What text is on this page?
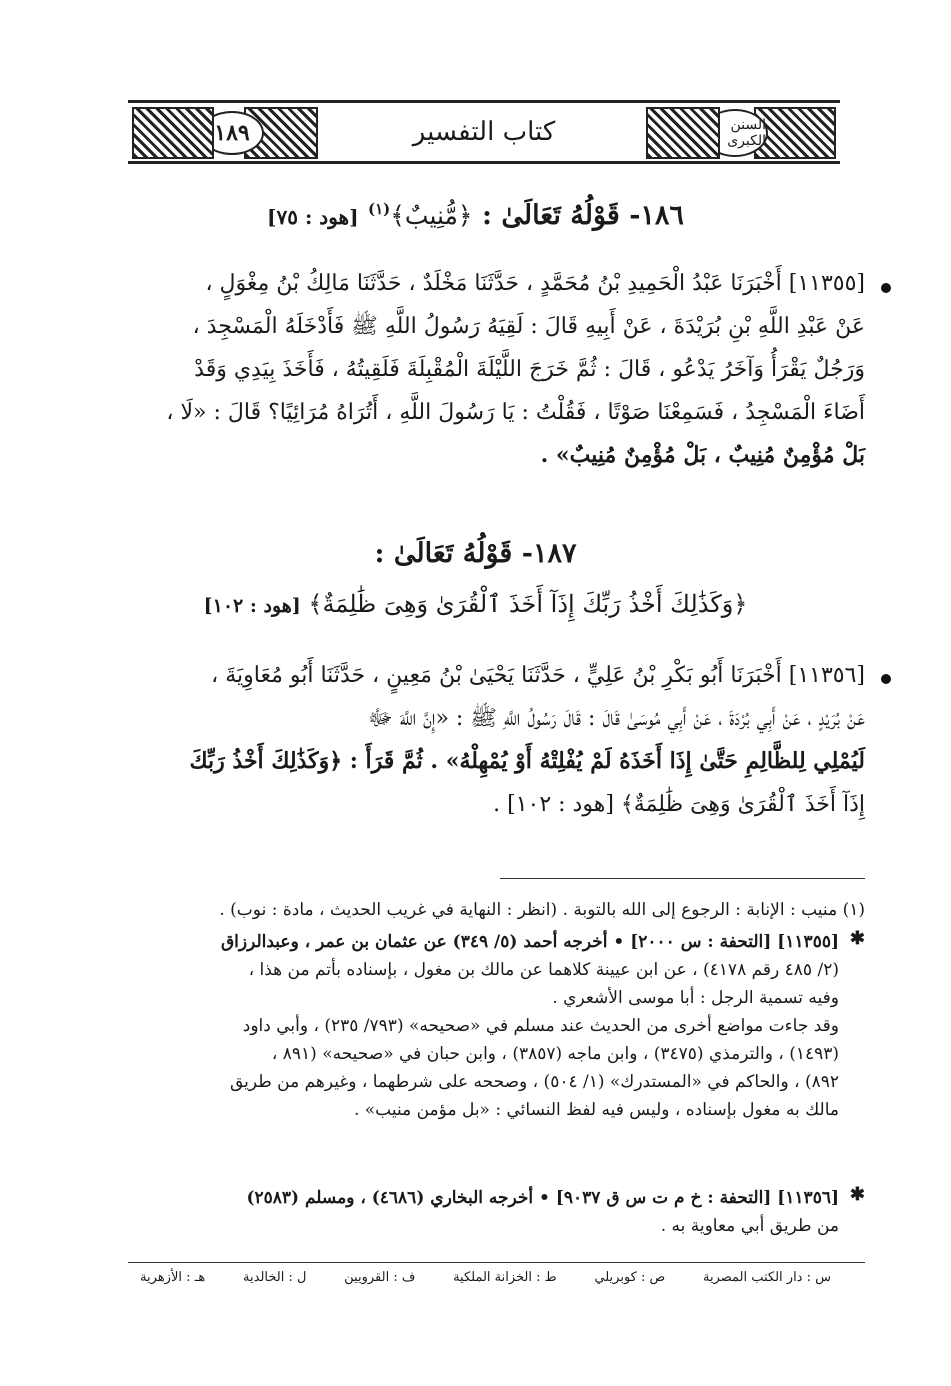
السنن الكبرى
كتاب التفسير
١٨٩
١٨٦- قَوْلُهُ تَعَالَىٰ : ﴿مُّنِيبٌ﴾$^{(١)}$ [هود : ٧٥]
[١١٣٥٥] أَخْبَرَنَا عَبْدُ الْحَمِيدِ بْنُ مُحَمَّدٍ ، حَدَّثَنَا مَخْلَدٌ ، حَدَّثَنَا مَالِكُ بْنُ مِغْوَلٍ ،
عَنْ عَبْدِ اللَّهِ بْنِ بُرَيْدَةَ ، عَنْ أَبِيهِ قَالَ : لَقِيَهُ رَسُولُ اللَّهِ ﷺ فَأَدْخَلَهُ الْمَسْجِدَ ،
وَرَجُلٌ يَقْرَأُ وَآخَرُ يَدْعُو ، قَالَ : ثُمَّ خَرَجَ اللَّيْلَةَ الْمُقْبِلَةَ فَلَقِيتُهُ ، فَأَخَذَ بِيَدِي وَقَدْ
أَضَاءَ الْمَسْجِدُ ، فَسَمِعْنَا صَوْتًا ، فَقُلْتُ : يَا رَسُولَ اللَّهِ ، أَتُرَاهُ مُرَائِيًا؟ قَالَ : «لَا ،
بَلْ مُؤْمِنٌ مُنِيبٌ ، بَلْ مُؤْمِنٌ مُنِيبٌ» .
١٨٧- قَوْلُهُ تَعَالَىٰ :
﴿وَكَذَٰلِكَ أَخْذُ رَبِّكَ إِذَآ أَخَذَ ٱلْقُرَىٰ وَهِىَ ظَٰلِمَةٌ﴾ [هود : ١٠٢]
[١١٣٥٦] أَخْبَرَنَا أَبُو بَكْرِ بْنُ عَلِيٍّ ، حَدَّثَنَا يَحْيَىٰ بْنُ مَعِينٍ ، حَدَّثَنَا أَبُو مُعَاوِيَةَ ،
عَنْ بُرَيْدٍ ، عَنْ أَبِي بُرْدَةَ ، عَنْ أَبِي مُوسَىٰ قَالَ : قَالَ رَسُولُ اللَّهِ ﷺ : «إِنَّ اللَّهَ ﷻ
لَيُمْلِي لِلظَّالِمِ حَتَّىٰ إِذَا أَخَذَهُ لَمْ يُفْلِتْهُ أَوْ يُمْهِلْهُ» . ثُمَّ قَرَأَ : ﴿وَكَذَٰلِكَ أَخْذُ رَبِّكَ
إِذَآ أَخَذَ ٱلْقُرَىٰ وَهِىَ ظَٰلِمَةٌ﴾ [هود : ١٠٢] .
(١) منيب : الإنابة : الرجوع إلى الله بالتوبة . (انظر : النهاية في غريب الحديث ، مادة : نوب) .
✱
[١١٣٥٥] [التحفة : س ٢٠٠٠] • أخرجه أحمد (٥/ ٣٤٩) عن عثمان بن عمر ، وعبدالرزاق
(٢/ ٤٨٥ رقم ٤١٧٨) ، عن ابن عيينة كلاهما عن مالك بن مغول ، بإسناده بأتم من هذا ،
وفيه تسمية الرجل : أبا موسى الأشعري .
وقد جاءت مواضع أخرى من الحديث عند مسلم في «صحيحه» (٧٩٣/ ٢٣٥) ، وأبي داود
(١٤٩٣) ، والترمذي (٣٤٧٥) ، وابن ماجه (٣٨٥٧) ، وابن حبان في «صحيحه» (٨٩١ ،
٨٩٢) ، والحاكم في «المستدرك» (١/ ٥٠٤) ، وصححه على شرطهما ، وغيرهم من طريق
مالك به مغول بإسناده ، وليس فيه لفظ النسائي : «بل مؤمن منيب» .
✱
[١١٣٥٦] [التحفة : خ م ت س ق ٩٠٣٧] • أخرجه البخاري (٤٦٨٦) ، ومسلم (٢٥٨٣)
من طريق أبي معاوية به .
س : دار الكتب المصرية
ص : كوبريلي
ط : الخزانة الملكية
ف : القرويين
ل : الخالدية
هـ : الأزهرية
